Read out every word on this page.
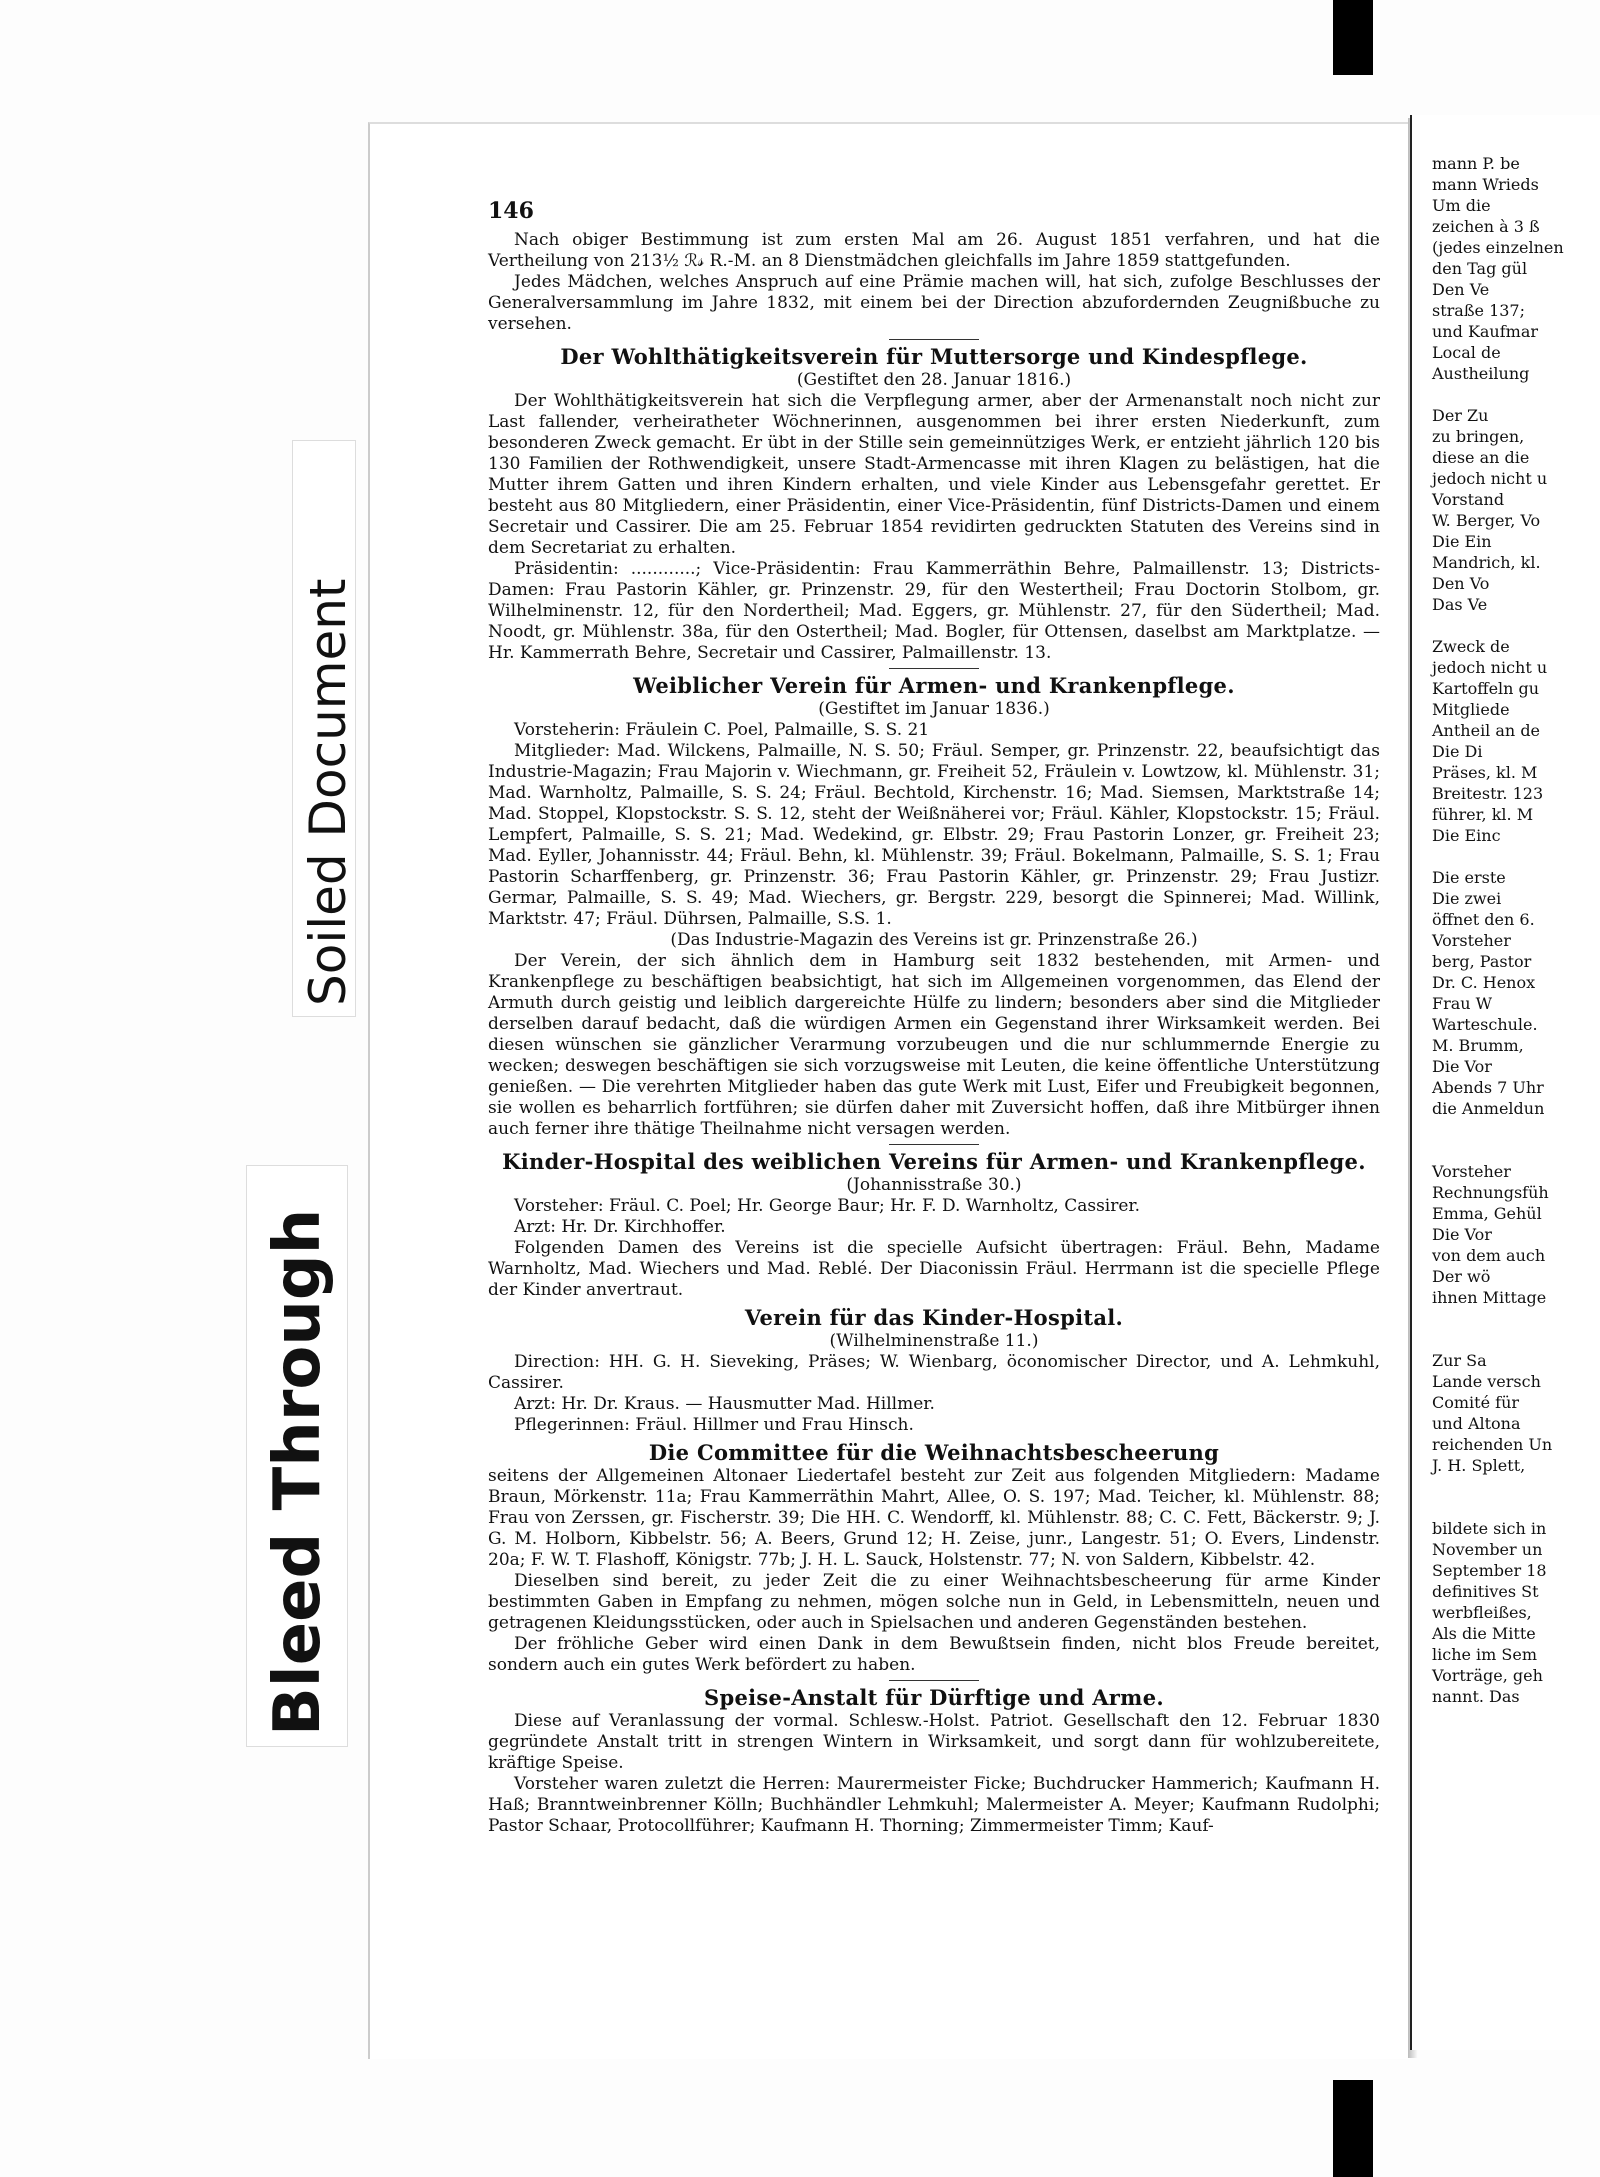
mann P. be
mann Wrieds
Um die
zeichen à 3 ß
(jedes einzelnen
den Tag gül
Den Ve
straße 137;
und Kaufmar
Local de
Austheilung

Der Zu
zu bringen,
diese an die
jedoch nicht u
Vorstand
W. Berger, Vo
Die Ein
Mandrich, kl.
Den Vo
Das Ve

Zweck de
jedoch nicht u
Kartoffeln gu
Mitgliede
Antheil an de
Die Di
Präses, kl. M
Breitestr. 123
führer, kl. M
Die Einc

Die erste
Die zwei
öffnet den 6.
Vorsteher
berg, Pastor
Dr. C. Henox
Frau W
Warteschule.
M. Brumm,
Die Vor
Abends 7 Uhr
die Anmeldun

Vorsteher
Rechnungsfüh
Emma, Gehül
Die Vor
von dem auch
Der wö
ihnen Mittage

Zur Sa
Lande versch
Comité für
und Altona
reichenden Un
J. H. Splett,

bildete sich in
November un
September 18
definitives St
werbfleißes,
Als die Mitte
liche im Sem
Vorträge, geh
nannt. Das
Soiled Document
Bleed Through
146

Nach obiger Bestimmung ist zum ersten Mal am 26. August 1851 verfahren, und hat die Vertheilung von 213½ ℛ𝓈 R.-M. an 8 Dienstmädchen gleichfalls im Jahre 1859 stattgefunden.

Jedes Mädchen, welches Anspruch auf eine Prämie machen will, hat sich, zufolge Beschlusses der Generalversammlung im Jahre 1832, mit einem bei der Direction abzufordernden Zeugnißbuche zu versehen.

Der Wohlthätigkeitsverein für Muttersorge und Kindespflege.
(Gestiftet den 28. Januar 1816.)

Der Wohlthätigkeitsverein hat sich die Verpflegung armer, aber der Armenanstalt noch nicht zur Last fallender, verheiratheter Wöchnerinnen, ausgenommen bei ihrer ersten Niederkunft, zum besonderen Zweck gemacht. Er übt in der Stille sein gemeinnütziges Werk, er entzieht jährlich 120 bis 130 Familien der Rothwendigkeit, unsere Stadt-Armencasse mit ihren Klagen zu belästigen, hat die Mutter ihrem Gatten und ihren Kindern erhalten, und viele Kinder aus Lebensgefahr gerettet. Er besteht aus 80 Mitgliedern, einer Präsidentin, einer Vice-Präsidentin, fünf Districts-Damen und einem Secretair und Cassirer. Die am 25. Februar 1854 revidirten gedruckten Statuten des Vereins sind in dem Secretariat zu erhalten.

Präsidentin: ............; Vice-Präsidentin: Frau Kammerräthin Behre, Palmaillenstr. 13; Districts-Damen: Frau Pastorin Kähler, gr. Prinzenstr. 29, für den Westertheil; Frau Doctorin Stolbom, gr. Wilhelminenstr. 12, für den Nordertheil; Mad. Eggers, gr. Mühlenstr. 27, für den Südertheil; Mad. Noodt, gr. Mühlenstr. 38a, für den Ostertheil; Mad. Bogler, für Ottensen, daselbst am Marktplatze. — Hr. Kammerrath Behre, Secretair und Cassirer, Palmaillenstr. 13.

Weiblicher Verein für Armen- und Krankenpflege.
(Gestiftet im Januar 1836.)

Vorsteherin: Fräulein C. Poel, Palmaille, S. S. 21

Mitglieder: Mad. Wilckens, Palmaille, N. S. 50; Fräul. Semper, gr. Prinzenstr. 22, beaufsichtigt das Industrie-Magazin; Frau Majorin v. Wiechmann, gr. Freiheit 52, Fräulein v. Lowtzow, kl. Mühlenstr. 31; Mad. Warnholtz, Palmaille, S. S. 24; Fräul. Bechtold, Kirchenstr. 16; Mad. Siemsen, Marktstraße 14; Mad. Stoppel, Klopstockstr. S. S. 12, steht der Weißnäherei vor; Fräul. Kähler, Klopstockstr. 15; Fräul. Lempfert, Palmaille, S. S. 21; Mad. Wedekind, gr. Elbstr. 29; Frau Pastorin Lonzer, gr. Freiheit 23; Mad. Eyller, Johannisstr. 44; Fräul. Behn, kl. Mühlenstr. 39; Fräul. Bokelmann, Palmaille, S. S. 1; Frau Pastorin Scharffenberg, gr. Prinzenstr. 36; Frau Pastorin Kähler, gr. Prinzenstr. 29; Frau Justizr. Germar, Palmaille, S. S. 49; Mad. Wiechers, gr. Bergstr. 229, besorgt die Spinnerei; Mad. Willink, Marktstr. 47; Fräul. Dührsen, Palmaille, S.S. 1.

(Das Industrie-Magazin des Vereins ist gr. Prinzenstraße 26.)

Der Verein, der sich ähnlich dem in Hamburg seit 1832 bestehenden, mit Armen- und Krankenpflege zu beschäftigen beabsichtigt, hat sich im Allgemeinen vorgenommen, das Elend der Armuth durch geistig und leiblich dargereichte Hülfe zu lindern; besonders aber sind die Mitglieder derselben darauf bedacht, daß die würdigen Armen ein Gegenstand ihrer Wirksamkeit werden. Bei diesen wünschen sie gänzlicher Verarmung vorzubeugen und die nur schlummernde Energie zu wecken; deswegen beschäftigen sie sich vorzugsweise mit Leuten, die keine öffentliche Unterstützung genießen. — Die verehrten Mitglieder haben das gute Werk mit Lust, Eifer und Freubigkeit begonnen, sie wollen es beharrlich fortführen; sie dürfen daher mit Zuversicht hoffen, daß ihre Mitbürger ihnen auch ferner ihre thätige Theilnahme nicht versagen werden.

Kinder-Hospital des weiblichen Vereins für Armen- und Krankenpflege.
(Johannisstraße 30.)

Vorsteher: Fräul. C. Poel; Hr. George Baur; Hr. F. D. Warnholtz, Cassirer.

Arzt: Hr. Dr. Kirchhoffer.

Folgenden Damen des Vereins ist die specielle Aufsicht übertragen: Fräul. Behn, Madame Warnholtz, Mad. Wiechers und Mad. Reblé. Der Diaconissin Fräul. Herrmann ist die specielle Pflege der Kinder anvertraut.

Verein für das Kinder-Hospital.
(Wilhelminenstraße 11.)

Direction: HH. G. H. Sieveking, Präses; W. Wienbarg, öconomischer Director, und A. Lehmkuhl, Cassirer.

Arzt: Hr. Dr. Kraus. — Hausmutter Mad. Hillmer.

Pflegerinnen: Fräul. Hillmer und Frau Hinsch.

Die Committee für die Weihnachtsbescheerung

seitens der Allgemeinen Altonaer Liedertafel besteht zur Zeit aus folgenden Mitgliedern: Madame Braun, Mörkenstr. 11a; Frau Kammerräthin Mahrt, Allee, O. S. 197; Mad. Teicher, kl. Mühlenstr. 88; Frau von Zerssen, gr. Fischerstr. 39; Die HH. C. Wendorff, kl. Mühlenstr. 88; C. C. Fett, Bäckerstr. 9; J. G. M. Holborn, Kibbelstr. 56; A. Beers, Grund 12; H. Zeise, junr., Langestr. 51; O. Evers, Lindenstr. 20a; F. W. T. Flashoff, Königstr. 77b; J. H. L. Sauck, Holstenstr. 77; N. von Saldern, Kibbelstr. 42.

Dieselben sind bereit, zu jeder Zeit die zu einer Weihnachtsbescheerung für arme Kinder bestimmten Gaben in Empfang zu nehmen, mögen solche nun in Geld, in Lebensmitteln, neuen und getragenen Kleidungsstücken, oder auch in Spielsachen und anderen Gegenständen bestehen.

Der fröhliche Geber wird einen Dank in dem Bewußtsein finden, nicht blos Freude bereitet, sondern auch ein gutes Werk befördert zu haben.

Speise-Anstalt für Dürftige und Arme.

Diese auf Veranlassung der vormal. Schlesw.-Holst. Patriot. Gesellschaft den 12. Februar 1830 gegründete Anstalt tritt in strengen Wintern in Wirksamkeit, und sorgt dann für wohlzubereitete, kräftige Speise.

Vorsteher waren zuletzt die Herren: Maurermeister Ficke; Buchdrucker Hammerich; Kaufmann H. Haß; Branntweinbrenner Kölln; Buchhändler Lehmkuhl; Malermeister A. Meyer; Kaufmann Rudolphi; Pastor Schaar, Protocollführer; Kaufmann H. Thorning; Zimmermeister Timm; Kauf-
